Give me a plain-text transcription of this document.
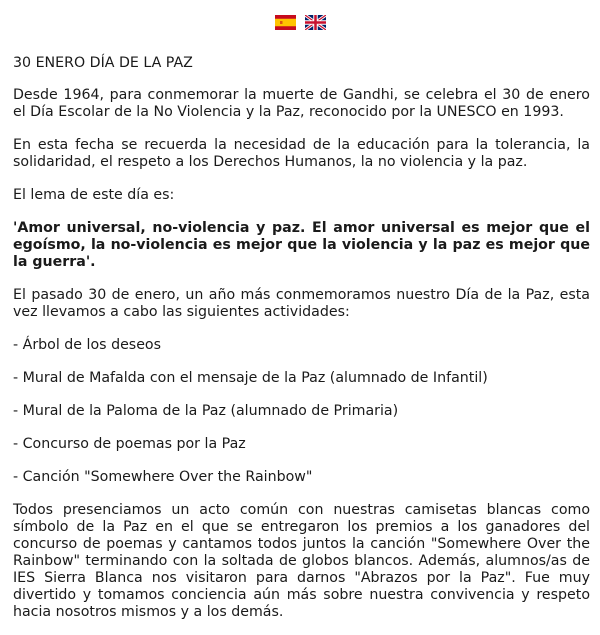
30 ENERO DÍA DE LA PAZ

Desde 1964, para conmemorar la muerte de Gandhi, se celebra el 30 de enero el Día Escolar de la No Violencia y la Paz, reconocido por la UNESCO en 1993.

En esta fecha se recuerda la necesidad de la educación para la tolerancia, la solidaridad, el respeto a los Derechos Humanos, la no violencia y la paz.

El lema de este día es:

'Amor universal, no-violencia y paz. El amor universal es mejor que el egoísmo, la no-violencia es mejor que la violencia y la paz es mejor que la guerra'.

El pasado 30 de enero, un año más conmemoramos nuestro Día de la Paz, esta vez llevamos a cabo las siguientes actividades:

- Árbol de los deseos

- Mural de Mafalda con el mensaje de la Paz (alumnado de Infantil)

- Mural de la Paloma de la Paz (alumnado de Primaria)

- Concurso de poemas por la Paz

- Canción "Somewhere Over the Rainbow"

Todos presenciamos un acto común con nuestras camisetas blancas como símbolo de la Paz en el que se entregaron los premios a los ganadores del concurso de poemas y cantamos todos juntos la canción "Somewhere Over the Rainbow" terminando con la soltada de globos blancos. Además, alumnos/as de IES Sierra Blanca nos visitaron para darnos "Abrazos por la Paz". Fue muy divertido y tomamos conciencia aún más sobre nuestra convivencia y respeto hacia nosotros mismos y a los demás.
